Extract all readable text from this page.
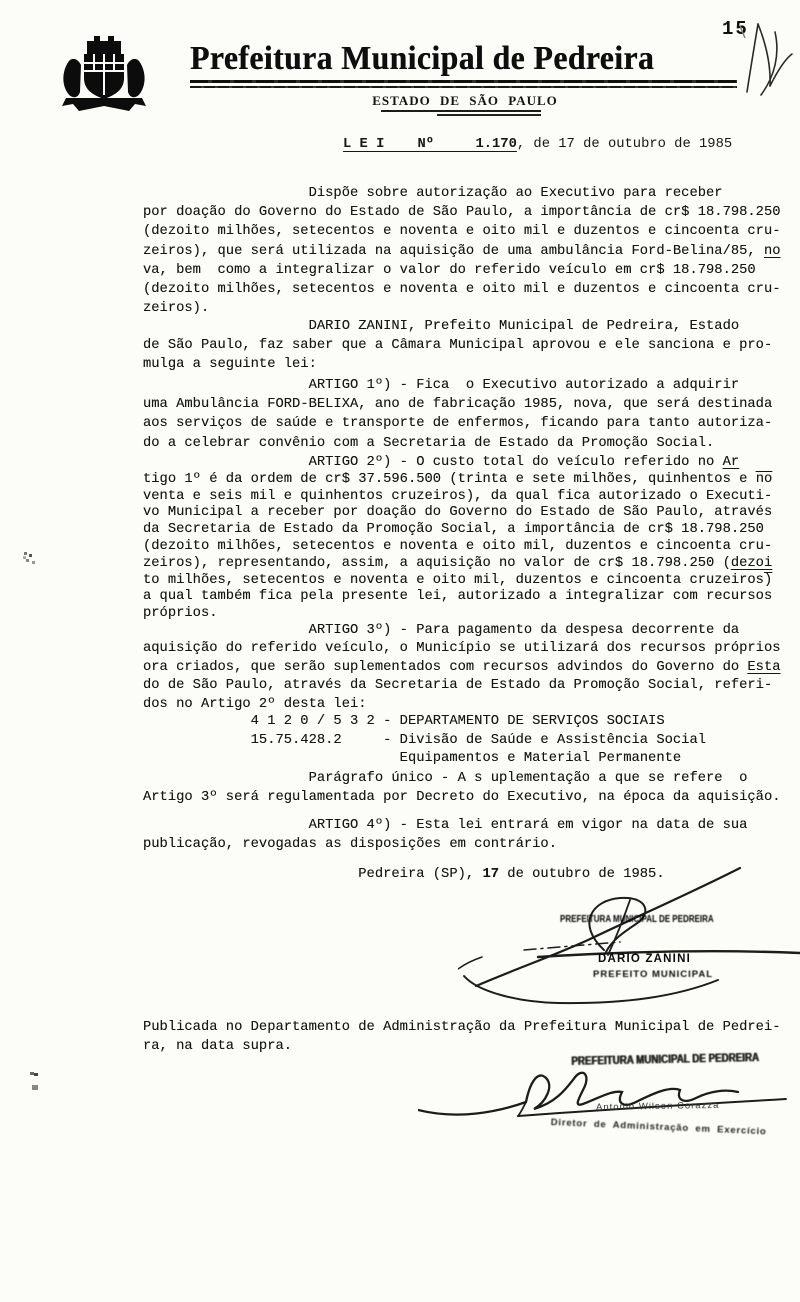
Prefeitura Municipal de Pedreira
ESTADO DE SÃO PAULO
15
L E I    Nº     1.170, de 17 de outubro de 1985
Dispõe sobre autorização ao Executivo para receber
por doação do Governo do Estado de São Paulo, a importância de cr$ 18.798.250
(dezoito milhões, setecentos e noventa e oito mil e duzentos e cincoenta cru-
zeiros), que será utilizada na aquisição de uma ambulância Ford-Belina/85, no
va, bem  como a integralizar o valor do referido veículo em cr$ 18.798.250
(dezoito milhões, setecentos e noventa e oito mil e duzentos e cincoenta cru-
zeiros).
DARIO ZANINI, Prefeito Municipal de Pedreira, Estado
de São Paulo, faz saber que a Câmara Municipal aprovou e ele sanciona e pro-
mulga a seguinte lei:
ARTIGO 1º) - Fica  o Executivo autorizado a adquirir
uma Ambulância FORD-BELIXA, ano de fabricação 1985, nova, que será destinada
aos serviços de saúde e transporte de enfermos, ficando para tanto autoriza-
do a celebrar convênio com a Secretaria de Estado da Promoção Social.
ARTIGO 2º) - O custo total do veículo referido no Ar
tigo 1º é da ordem de cr$ 37.596.500 (trinta e sete milhões, quinhentos e $\overline{no}$
venta e seis mil e quinhentos cruzeiros), da qual fica autorizado o Executi-
vo Municipal a receber por doação do Governo do Estado de São Paulo, através
da Secretaria de Estado da Promoção Social, a importância de cr$ 18.798.250
(dezoito milhões, setecentos e noventa e oito mil, duzentos e cincoenta cru-
zeiros), representando, assim, a aquisição no valor de cr$ 18.798.250 (dezoi
to milhões, setecentos e noventa e oito mil, duzentos e cincoenta cruzeiros)
a qual também fica pela presente lei, autorizado a integralizar com recursos
próprios.
ARTIGO 3º) - Para pagamento da despesa decorrente da
aquisição do referido veículo, o Município se utilizará dos recursos próprios
ora criados, que serão suplementados com recursos advindos do Governo do Esta
do de São Paulo, através da Secretaria de Estado da Promoção Social, referi-
dos no Artigo 2º desta lei:
4 1 2 0 / 5 3 2 - DEPARTAMENTO DE SERVIÇOS SOCIAIS
15.75.428.2     - Divisão de Saúde e Assistência Social
Equipamentos e Material Permanente
Parágrafo único - A s uplementação a que se refere  o
Artigo 3º será regulamentada por Decreto do Executivo, na época da aquisição.
ARTIGO 4º) - Esta lei entrará em vigor na data de sua
publicação, revogadas as disposições em contrário.
Pedreira (SP), 17 de outubro de 1985.
Publicada no Departamento de Administração da Prefeitura Municipal de Pedrei-
ra, na data supra.
PREFEITURA MUNICIPAL DE PEDREIRA
DARIO ZANINI
PREFEITO MUNICIPAL
PREFEITURA MUNICIPAL DE PEDREIRA
Antonio Wilson Corazza
Diretor de Administração em Exercício
